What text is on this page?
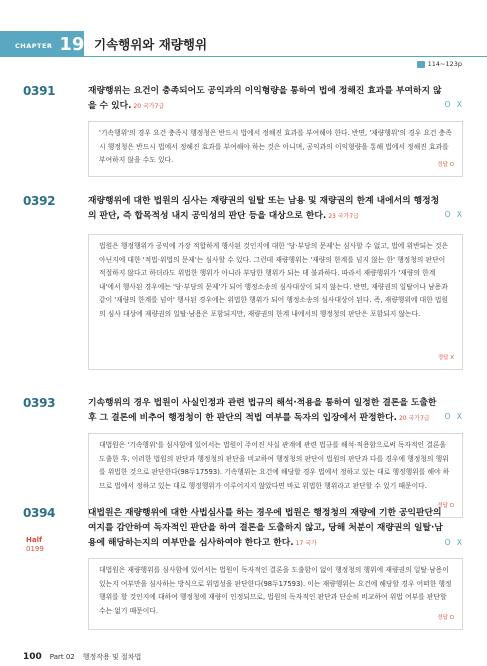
CHAPTER 19 기속행위와 재량행위
114~123p
0391	재량행위는 요건이 충족되어도 공익과의 이익형량을 통하여 법에 정해진 효과를 부여하지 않을 수 있다. 20 국가7급	O X
'기속행위'의 경우 요건 충족시 행정청은 반드시 법에서 정해진 효과를 부여해야 한다. 반면, '재량행위'의 경우 요건 충족시 행정청은 반드시 법에서 정해진 효과를 부여해야 하는 것은 아니며, 공익과의 이익형량을 통해 법에서 정해진 효과를 부여하지 않을 수도 있다.
정답 O
0392	재량행위에 대한 법원의 심사는 재량권의 일탈 또는 남용 및 재량권의 한계 내에서의 행정청의 판단, 즉 합목적성 내지 공익성의 판단 등을 대상으로 한다. 23 국가7급	O X
법원은 행정행위가 공익에 가장 적합하게 행사된 것인지에 대한 '당·부당의 문제'는 심사할 수 없고, 법에 위반되는 것은 아닌지에 대한 '적법·위법의 문제'는 심사할 수 있다. 그런데 재량행위는 '재량의 한계를 넘지 않는 한' 행정청의 판단이 적절하지 않다고 하더라도 위법한 행위가 아니라 부당한 행위가 되는 데 불과하다. 따라서 재량행위가 '재량의 한계 내'에서 행사된 경우에는 '당·부당의 문제'가 되어 행정소송의 심사대상이 되지 않는다. 반면, 재량권의 일탈이나 남용과 같이 '재량의 한계를 넘어' 행사된 경우에는 위법한 행위가 되어 행정소송의 심사대상이 된다. 즉, 재량행위에 대한 법원의 심사 대상에 재량권의 일탈·남용은 포함되지만, 재량권의 한계 내에서의 행정청의 판단은 포함되지 않는다.
정답 X
0393	기속행위의 경우 법원이 사실인정과 관련 법규의 해석·적용을 통하여 일정한 결론을 도출한 후 그 결론에 비추어 행정청이 한 판단의 적법 여부를 독자의 입장에서 판정한다. 20 국가7급	O X
대법원은 '기속행위'를 심사함에 있어서는 법원이 주어진 사실 관계에 관련 법규를 해석·적용함으로써 독자적인 결론을 도출한 후, 이러한 법원의 판단과 행정청의 판단을 비교하여 행정청의 판단이 법원의 판단과 다를 경우에 행정청의 행위를 위법한 것으로 판단한다(98두17593). 기속행위는 요건에 해당할 경우 법에서 정하고 있는 대로 행정행위를 해야 하므로 법에서 정하고 있는 대로 행정행위가 이루어지지 않았다면 바로 위법한 행위라고 판단할 수 있기 때문이다.
정답 O
0394
Half
0199
대법원은 재량행위에 대한 사법심사를 하는 경우에 법원은 행정청의 재량에 기한 공익판단의 여지를 감안하여 독자적인 판단을 하여 결론을 도출하지 않고, 당해 처분이 재량권의 일탈·남용에 해당하는지의 여부만을 심사하여야 한다고 한다. 17 국가	O X
대법원은 재량행위를 심사함에 있어서는 법원이 독자적인 결론을 도출함이 없이 행정청의 행위에 재량권의 일탈·남용이 있는지 여부만을 심사하는 방식으로 위법성을 판단한다(98두17593). 이는 재량행위는 요건에 해당할 경우 어떠한 행정행위를 할 것인지에 대하여 행정청에 재량이 인정되므로, 법원의 독자적인 판단과 단순히 비교하여 위법 여부를 판단할 수는 없기 때문이다.
정답 O
100 Part 02 행정작용 및 절차법
